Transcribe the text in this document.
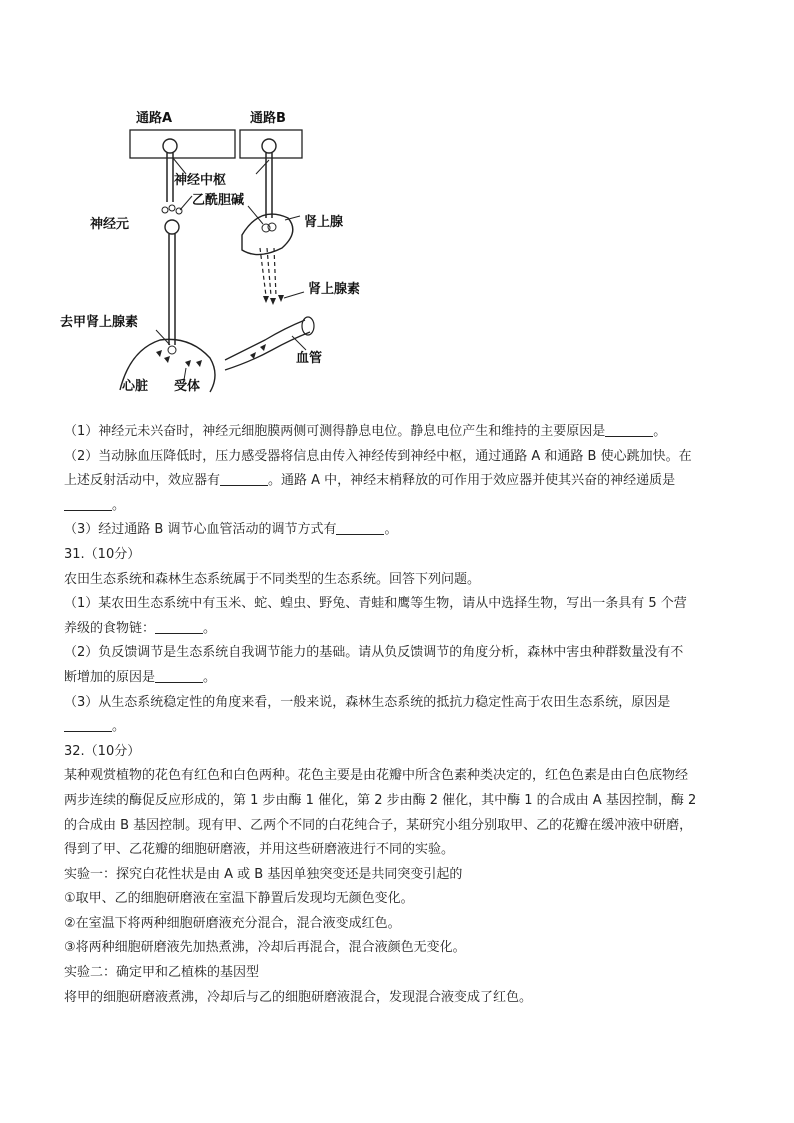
通路A	通路B
神经中枢
乙酰胆碱
神经元	肾上腺
肾上腺素
去甲肾上腺素
血管
心脏 受体

（1）神经元未兴奋时，神经元细胞膜两侧可测得静息电位。静息电位产生和维持的主要原因是	。

（2）当动脉血压降低时，压力感受器将信息由传入神经传到神经中枢，通过通路 A 和通路 B 使心跳加快。在

上述反射活动中，效应器有	。通路 A 中，神经末梢释放的可作用于效应器并使其兴奋的神经递质是

。

（3）经过通路 B 调节心血管活动的调节方式有	。

31.（10分）

农田生态系统和森林生态系统属于不同类型的生态系统。回答下列问题。

（1）某农田生态系统中有玉米、蛇、蝗虫、野兔、青蛙和鹰等生物，请从中选择生物，写出一条具有 5 个营

养级的食物链：	。

（2）负反馈调节是生态系统自我调节能力的基础。请从负反馈调节的角度分析，森林中害虫种群数量没有不

断增加的原因是	。

（3）从生态系统稳定性的角度来看，一般来说，森林生态系统的抵抗力稳定性高于农田生态系统，原因是

。

32.（10分）

某种观赏植物的花色有红色和白色两种。花色主要是由花瓣中所含色素种类决定的，红色色素是由白色底物经

两步连续的酶促反应形成的，第 1 步由酶 1 催化，第 2 步由酶 2 催化，其中酶 1 的合成由 A 基因控制，酶 2

的合成由 B 基因控制。现有甲、乙两个不同的白花纯合子，某研究小组分别取甲、乙的花瓣在缓冲液中研磨，

得到了甲、乙花瓣的细胞研磨液，并用这些研磨液进行不同的实验。

实验一：探究白花性状是由 A 或 B 基因单独突变还是共同突变引起的

①取甲、乙的细胞研磨液在室温下静置后发现均无颜色变化。

②在室温下将两种细胞研磨液充分混合，混合液变成红色。

③将两种细胞研磨液先加热煮沸，冷却后再混合，混合液颜色无变化。

实验二：确定甲和乙植株的基因型

将甲的细胞研磨液煮沸，冷却后与乙的细胞研磨液混合，发现混合液变成了红色。
